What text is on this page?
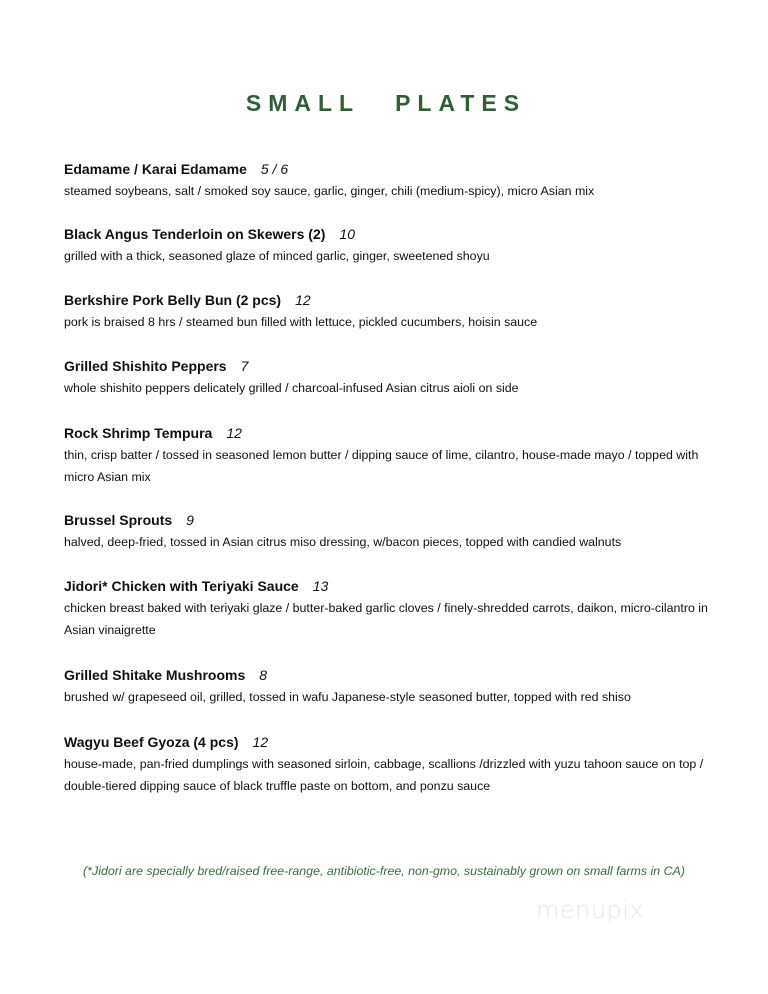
SMALL PLATES
Edamame / Karai Edamame 5 / 6
steamed soybeans, salt / smoked soy sauce, garlic, ginger, chili (medium-spicy), micro Asian mix
Black Angus Tenderloin on Skewers (2) 10
grilled with a thick, seasoned glaze of minced garlic, ginger, sweetened shoyu
Berkshire Pork Belly Bun (2 pcs) 12
pork is braised 8 hrs / steamed bun filled with lettuce, pickled cucumbers, hoisin sauce
Grilled Shishito Peppers 7
whole shishito peppers delicately grilled / charcoal-infused Asian citrus aioli on side
Rock Shrimp Tempura 12
thin, crisp batter / tossed in seasoned lemon butter / dipping sauce of lime, cilantro, house-made mayo / topped with micro Asian mix
Brussel Sprouts 9
halved, deep-fried, tossed in Asian citrus miso dressing, w/bacon pieces, topped with candied walnuts
Jidori* Chicken with Teriyaki Sauce 13
chicken breast baked with teriyaki glaze / butter-baked garlic cloves / finely-shredded carrots, daikon, micro-cilantro in Asian vinaigrette
Grilled Shitake Mushrooms 8
brushed w/ grapeseed oil, grilled, tossed in wafu Japanese-style seasoned butter, topped with red shiso
Wagyu Beef Gyoza (4 pcs) 12
house-made, pan-fried dumplings with seasoned sirloin, cabbage, scallions /drizzled with yuzu tahoon sauce on top / double-tiered dipping sauce of black truffle paste on bottom, and ponzu sauce
(*Jidori are specially bred/raised free-range, antibiotic-free, non-gmo, sustainably grown on small farms in CA)
menupix
